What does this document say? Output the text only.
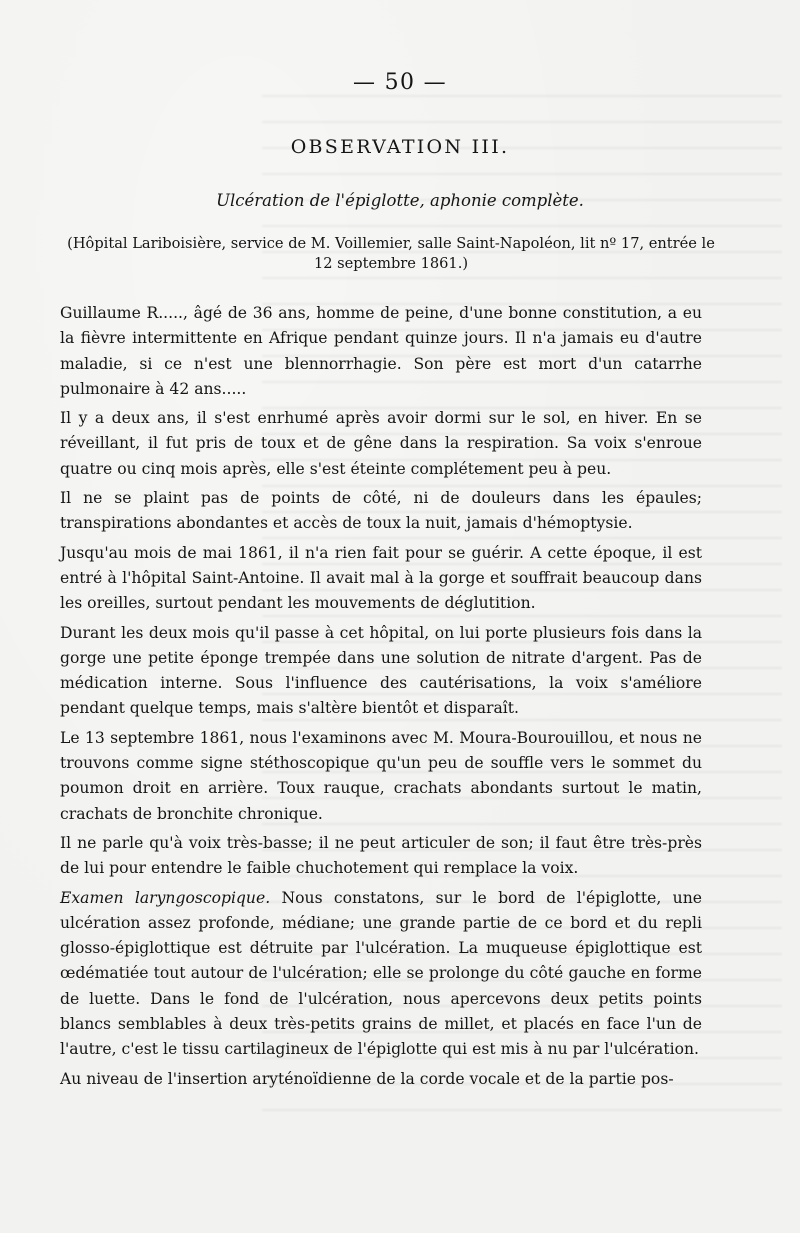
— 50 —
OBSERVATION III.
Ulcération de l'épiglotte, aphonie complète.
(Hôpital Lariboisière, service de M. Voillemier, salle Saint-Napoléon, lit nº 17, entrée le 12 septembre 1861.)

Guillaume R....., âgé de 36 ans, homme de peine, d'une bonne constitution, a eu la fièvre intermittente en Afrique pendant quinze jours. Il n'a jamais eu d'autre maladie, si ce n'est une blennorrhagie. Son père est mort d'un catarrhe pulmonaire à 42 ans.....

Il y a deux ans, il s'est enrhumé après avoir dormi sur le sol, en hiver. En se réveillant, il fut pris de toux et de gêne dans la respiration. Sa voix s'enroue quatre ou cinq mois après, elle s'est éteinte complétement peu à peu.

Il ne se plaint pas de points de côté, ni de douleurs dans les épaules; transpirations abondantes et accès de toux la nuit, jamais d'hémoptysie.

Jusqu'au mois de mai 1861, il n'a rien fait pour se guérir. A cette époque, il est entré à l'hôpital Saint-Antoine. Il avait mal à la gorge et souffrait beaucoup dans les oreilles, surtout pendant les mouvements de déglutition.

Durant les deux mois qu'il passe à cet hôpital, on lui porte plusieurs fois dans la gorge une petite éponge trempée dans une solution de nitrate d'argent. Pas de médication interne. Sous l'influence des cautérisations, la voix s'améliore pendant quelque temps, mais s'altère bientôt et disparaît.

Le 13 septembre 1861, nous l'examinons avec M. Moura-Bourouillou, et nous ne trouvons comme signe stéthoscopique qu'un peu de souffle vers le sommet du poumon droit en arrière. Toux rauque, crachats abondants surtout le matin, crachats de bronchite chronique.

Il ne parle qu'à voix très-basse; il ne peut articuler de son; il faut être très-près de lui pour entendre le faible chuchotement qui remplace la voix.

Examen laryngoscopique. Nous constatons, sur le bord de l'épiglotte, une ulcération assez profonde, médiane; une grande partie de ce bord et du repli glosso-épiglottique est détruite par l'ulcération. La muqueuse épiglottique est œdématiée tout autour de l'ulcération; elle se prolonge du côté gauche en forme de luette. Dans le fond de l'ulcération, nous apercevons deux petits points blancs semblables à deux très-petits grains de millet, et placés en face l'un de l'autre, c'est le tissu cartilagineux de l'épiglotte qui est mis à nu par l'ulcération.

Au niveau de l'insertion aryténoïdienne de la corde vocale et de la partie pos-
